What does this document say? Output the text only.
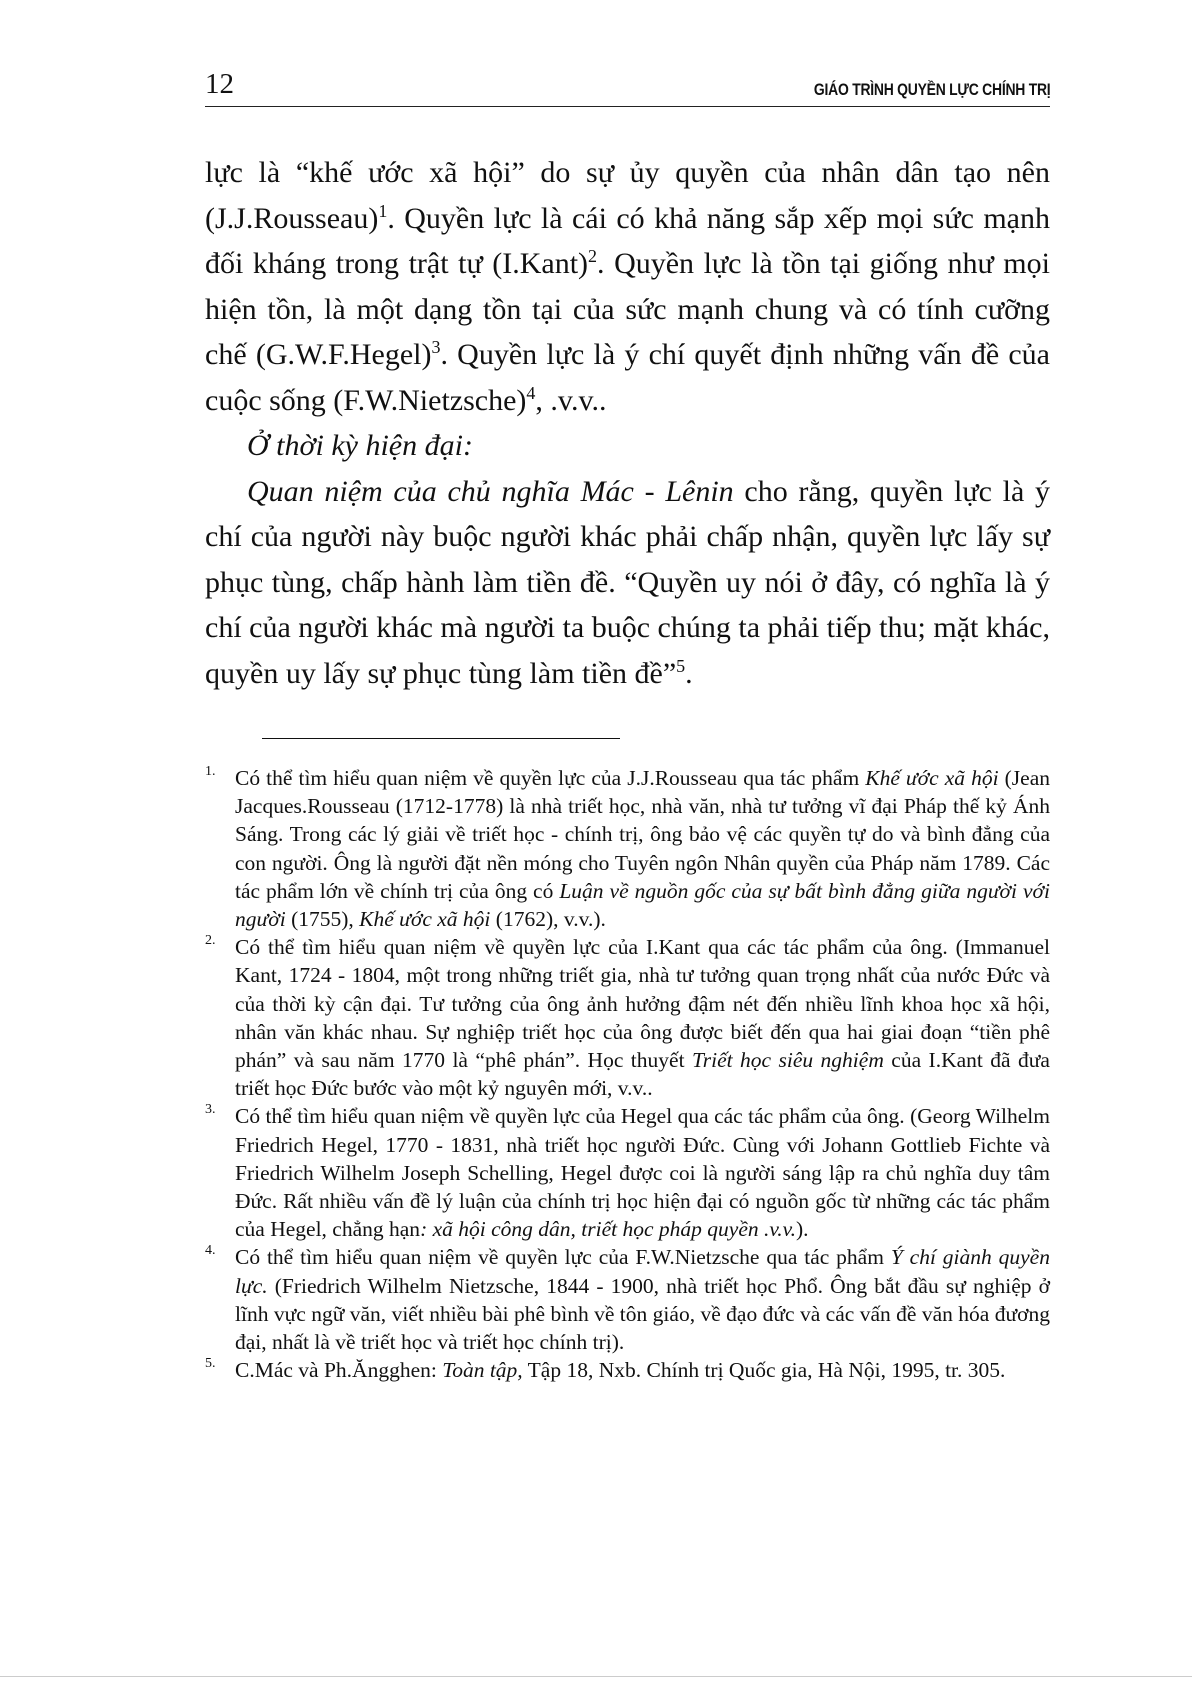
12	GIÁO TRÌNH QUYỀN LỰC CHÍNH TRỊ

lực là “khế ước xã hội” do sự ủy quyền của nhân dân tạo nên (J.J.Rousseau)$^1$. Quyền lực là cái có khả năng sắp xếp mọi sức mạnh đối kháng trong trật tự (I.Kant)$^2$. Quyền lực là tồn tại giống như mọi hiện tồn, là một dạng tồn tại của sức mạnh chung và có tính cưỡng chế (G.W.F.Hegel)$^3$. Quyền lực là ý chí quyết định những vấn đề của cuộc sống (F.W.Nietzsche)$^4$, .v.v..

Ở thời kỳ hiện đại:

Quan niệm của chủ nghĩa Mác - Lênin cho rằng, quyền lực là ý chí của người này buộc người khác phải chấp nhận, quyền lực lấy sự phục tùng, chấp hành làm tiền đề. “Quyền uy nói ở đây, có nghĩa là ý chí của người khác mà người ta buộc chúng ta phải tiếp thu; mặt khác, quyền uy lấy sự phục tùng làm tiền đề”$^5$.

1. Có thể tìm hiểu quan niệm về quyền lực của J.J.Rousseau qua tác phẩm Khế ước xã hội (Jean Jacques.Rousseau (1712-1778) là nhà triết học, nhà văn, nhà tư tưởng vĩ đại Pháp thế kỷ Ánh Sáng. Trong các lý giải về triết học - chính trị, ông bảo vệ các quyền tự do và bình đẳng của con người. Ông là người đặt nền móng cho Tuyên ngôn Nhân quyền của Pháp năm 1789. Các tác phẩm lớn về chính trị của ông có Luận về nguồn gốc của sự bất bình đẳng giữa người với người (1755), Khế ước xã hội (1762), v.v.).

2. Có thể tìm hiểu quan niệm về quyền lực của I.Kant qua các tác phẩm của ông. (Immanuel Kant, 1724 - 1804, một trong những triết gia, nhà tư tưởng quan trọng nhất của nước Đức và của thời kỳ cận đại. Tư tưởng của ông ảnh hưởng đậm nét đến nhiều lĩnh khoa học xã hội, nhân văn khác nhau. Sự nghiệp triết học của ông được biết đến qua hai giai đoạn “tiền phê phán” và sau năm 1770 là “phê phán”. Học thuyết Triết học siêu nghiệm của I.Kant đã đưa triết học Đức bước vào một kỷ nguyên mới, v.v..

3. Có thể tìm hiểu quan niệm về quyền lực của Hegel qua các tác phẩm của ông. (Georg Wilhelm Friedrich Hegel, 1770 - 1831, nhà triết học người Đức. Cùng với Johann Gottlieb Fichte và Friedrich Wilhelm Joseph Schelling, Hegel được coi là người sáng lập ra chủ nghĩa duy tâm Đức. Rất nhiều vấn đề lý luận của chính trị học hiện đại có nguồn gốc từ những các tác phẩm của Hegel, chẳng hạn: xã hội công dân, triết học pháp quyền .v.v.).

4. Có thể tìm hiểu quan niệm về quyền lực của F.W.Nietzsche qua tác phẩm Ý chí giành quyền lực. (Friedrich Wilhelm Nietzsche, 1844 - 1900, nhà triết học Phổ. Ông bắt đầu sự nghiệp ở lĩnh vực ngữ văn, viết nhiều bài phê bình về tôn giáo, về đạo đức và các vấn đề văn hóa đương đại, nhất là về triết học và triết học chính trị).

5. C.Mác và Ph.Ăngghen: Toàn tập, Tập 18, Nxb. Chính trị Quốc gia, Hà Nội, 1995, tr. 305.
